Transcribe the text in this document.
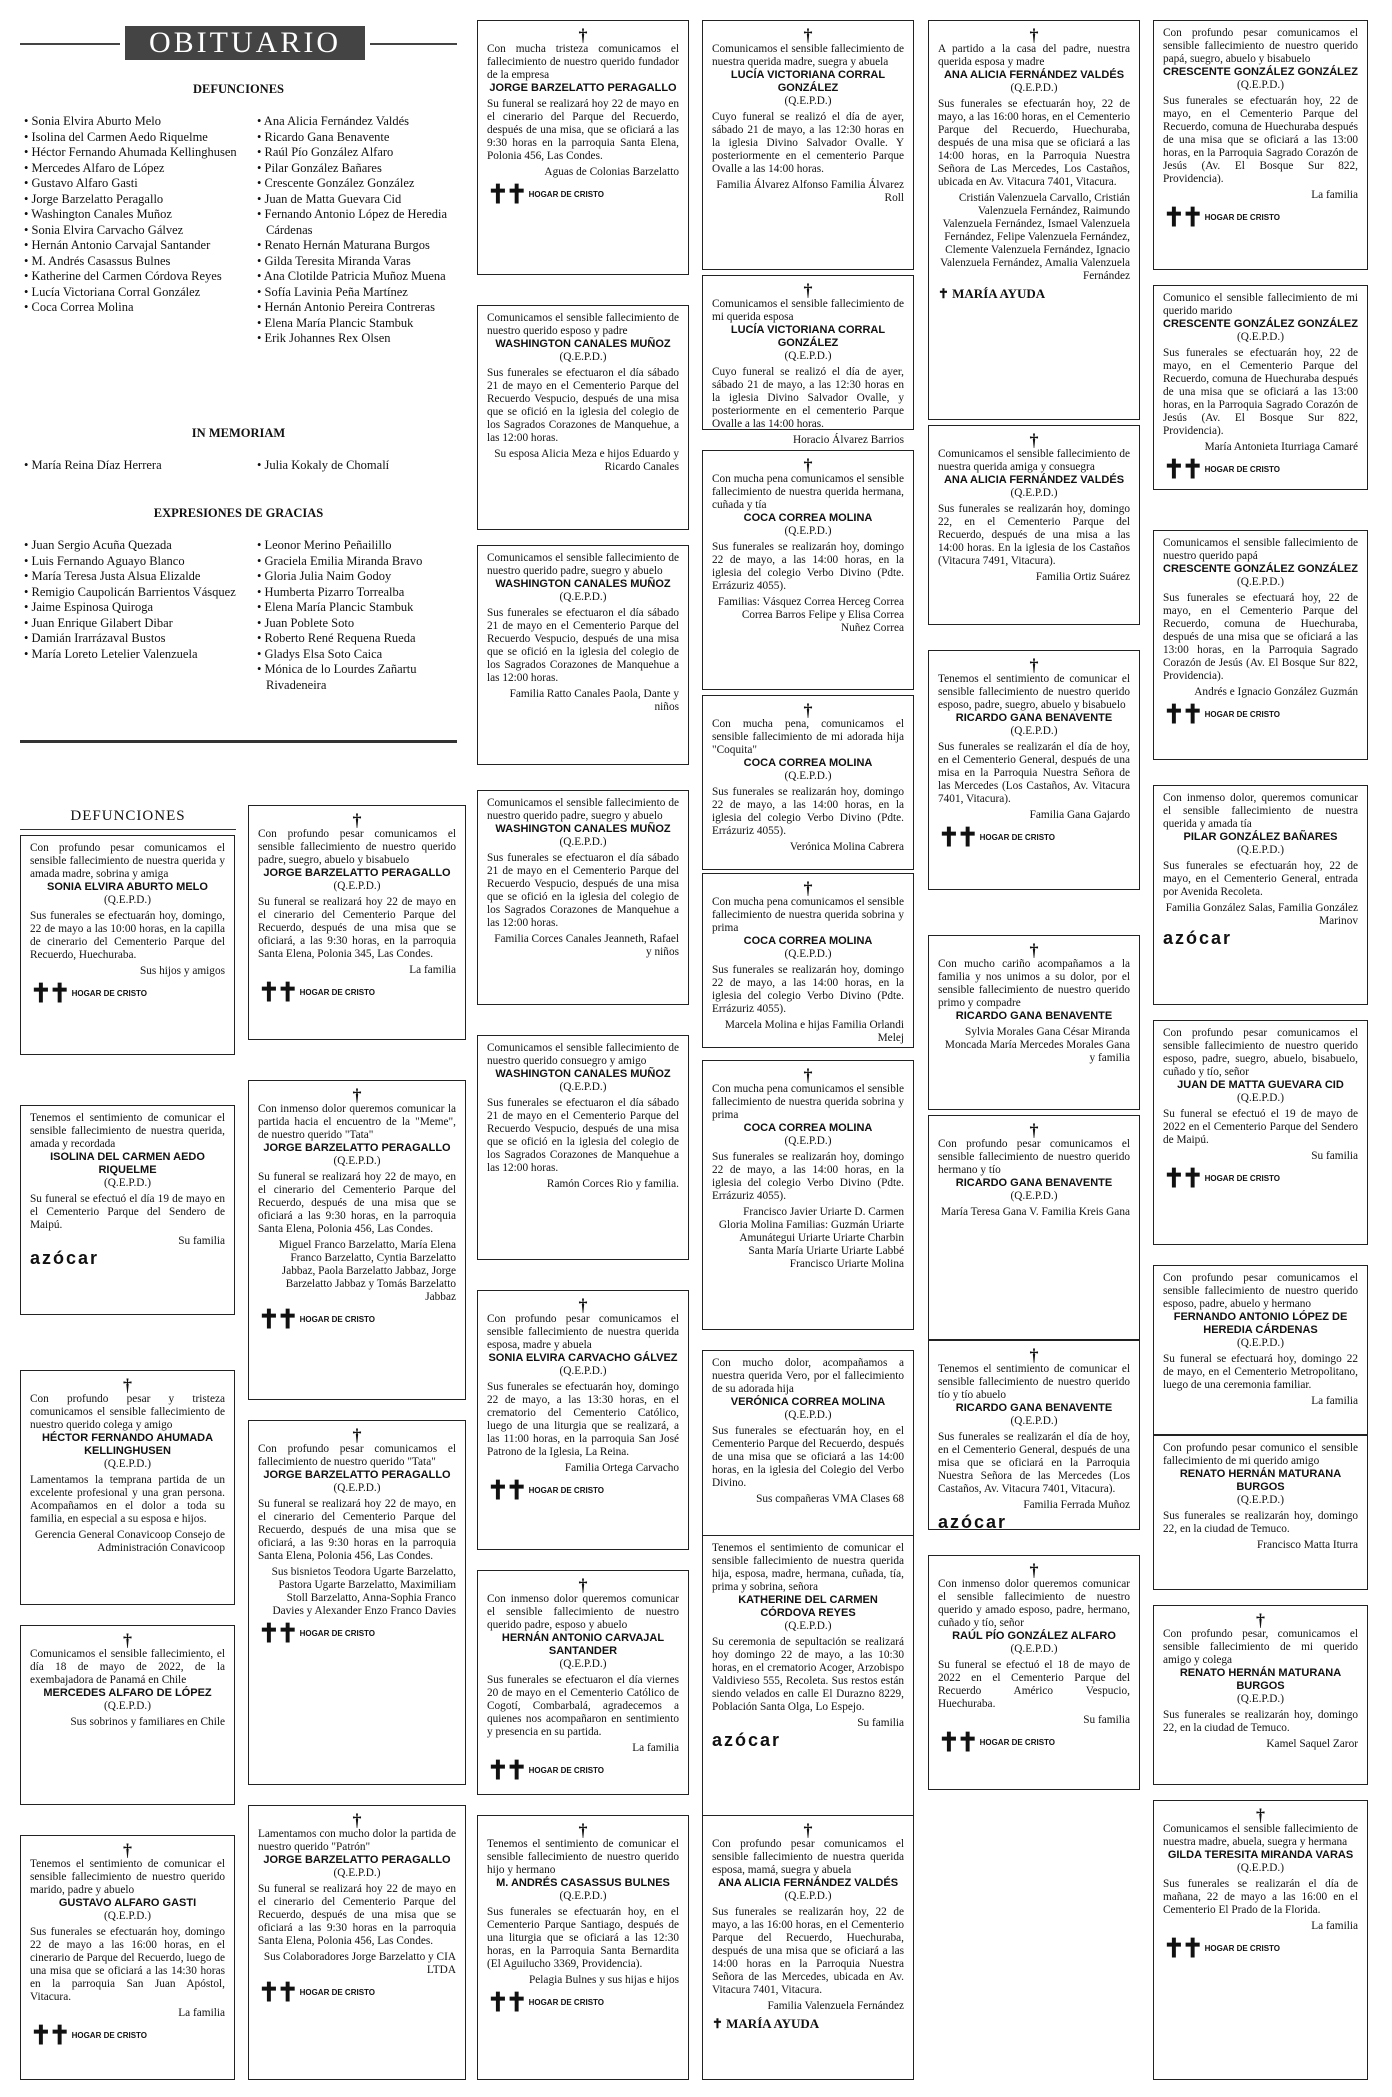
OBITUARIO
DEFUNCIONES
• Sonia Elvira Aburto Melo
• Isolina del Carmen Aedo Riquelme
• Héctor Fernando Ahumada Kellinghusen
• Mercedes Alfaro de López
• Gustavo Alfaro Gasti
• Jorge Barzelatto Peragallo
• Washington Canales Muñoz
• Sonia Elvira Carvacho Gálvez
• Hernán Antonio Carvajal Santander
• M. Andrés Casassus Bulnes
• Katherine del Carmen Córdova Reyes
• Lucía Victoriana Corral González
• Coca Correa Molina
• Ana Alicia Fernández Valdés
• Ricardo Gana Benavente
• Raúl Pío González Alfaro
• Pilar González Bañares
• Crescente González González
• Juan de Matta Guevara Cid
• Fernando Antonio López de Heredia Cárdenas
• Renato Hernán Maturana Burgos
• Gilda Teresita Miranda Varas
• Ana Clotilde Patricia Muñoz Muena
• Sofía Lavinia Peña Martínez
• Hernán Antonio Pereira Contreras
• Elena María Plancic Stambuk
• Erik Johannes Rex Olsen
IN MEMORIAM
• María Reina Díaz Herrera	• Julia Kokaly de Chomalí
EXPRESIONES DE GRACIAS
• Juan Sergio Acuña Quezada
• Luis Fernando Aguayo Blanco
• María Teresa Justa Alsua Elizalde
• Remigio Caupolicán Barrientos Vásquez
• Jaime Espinosa Quiroga
• Juan Enrique Gilabert Dibar
• Damián Irarrázaval Bustos
• María Loreto Letelier Valenzuela
• Leonor Merino Peñailillo
• Graciela Emilia Miranda Bravo
• Gloria Julia Naim Godoy
• Humberta Pizarro Torrealba
• Elena María Plancic Stambuk
• Juan Poblete Soto
• Roberto René Requena Rueda
• Gladys Elsa Soto Caica
• Mónica de lo Lourdes Zañartu Rivadeneira
DEFUNCIONES
Con profundo pesar comunicamos el sensible fallecimiento de nuestra querida y amada madre, sobrina y amiga
SONIA ELVIRA ABURTO MELO
(Q.E.P.D.)
Sus funerales se efectuarán hoy, domingo, 22 de mayo a las 10:00 horas, en la capilla de cinerario del Cementerio Parque del Recuerdo, Huechuraba.
Sus hijos y amigos
✝✝ HOGAR DE CRISTO
Tenemos el sentimiento de comunicar el sensible fallecimiento de nuestra querida, amada y recordada
ISOLINA DEL CARMEN AEDO RIQUELME
(Q.E.P.D.)
Su funeral se efectuó el día 19 de mayo en el Cementerio Parque del Sendero de Maipú.
Su familia
azócar
†
Con profundo pesar y tristeza comunicamos el sensible fallecimiento de nuestro querido colega y amigo
HÉCTOR FERNANDO AHUMADA KELLINGHUSEN
(Q.E.P.D.)
Lamentamos la temprana partida de un excelente profesional y una gran persona. Acompañamos en el dolor a toda su familia, en especial a su esposa e hijos.
Gerencia General Conavicoop Consejo de Administración Conavicoop
†
Comunicamos el sensible fallecimiento, el día 18 de mayo de 2022, de la exembajadora de Panamá en Chile
MERCEDES ALFARO DE LÓPEZ
(Q.E.P.D.)
Sus sobrinos y familiares en Chile
†
Tenemos el sentimiento de comunicar el sensible fallecimiento de nuestro querido marido, padre y abuelo
GUSTAVO ALFARO GASTI
(Q.E.P.D.)
Sus funerales se efectuarán hoy, domingo 22 de mayo a las 16:00 horas, en el cinerario de Parque del Recuerdo, luego de una misa que se oficiará a las 14:30 horas en la parroquia San Juan Apóstol, Vitacura.
La familia
✝✝ HOGAR DE CRISTO
†
Con profundo pesar comunicamos el sensible fallecimiento de nuestro querido padre, suegro, abuelo y bisabuelo
JORGE BARZELATTO PERAGALLO
(Q.E.P.D.)
Su funeral se realizará hoy 22 de mayo en el cinerario del Cementerio Parque del Recuerdo, después de una misa que se oficiará, a las 9:30 horas, en la parroquia Santa Elena, Polonia 345, Las Condes.
La familia
✝✝ HOGAR DE CRISTO
†
Con inmenso dolor queremos comunicar la partida hacia el encuentro de la "Meme", de nuestro querido "Tata"
JORGE BARZELATTO PERAGALLO
(Q.E.P.D.)
Su funeral se realizará hoy 22 de mayo, en el cinerario del Cementerio Parque del Recuerdo, después de una misa que se oficiará a las 9:30 horas, en la parroquia Santa Elena, Polonia 456, Las Condes.
Miguel Franco Barzelatto, María Elena Franco Barzelatto, Cyntia Barzelatto Jabbaz, Paola Barzelatto Jabbaz, Jorge Barzelatto Jabbaz y Tomás Barzelatto Jabbaz
✝✝ HOGAR DE CRISTO
†
Con profundo pesar comunicamos el fallecimiento de nuestro querido "Tata"
JORGE BARZELATTO PERAGALLO
(Q.E.P.D.)
Su funeral se realizará hoy 22 de mayo, en el cinerario del Cementerio Parque del Recuerdo, después de una misa que se oficiará, a las 9:30 horas en la parroquia Santa Elena, Polonia 456, Las Condes.
Sus bisnietos Teodora Ugarte Barzelatto, Pastora Ugarte Barzelatto, Maximiliam Stoll Barzelatto, Anna-Sophia Franco Davies y Alexander Enzo Franco Davies
✝✝ HOGAR DE CRISTO
†
Lamentamos con mucho dolor la partida de nuestro querido "Patrón"
JORGE BARZELATTO PERAGALLO
(Q.E.P.D.)
Su funeral se realizará hoy 22 de mayo en el cinerario del Cementerio Parque del Recuerdo, después de una misa que se oficiará a las 9:30 horas en la parroquia Santa Elena, Polonia 456, Las Condes.
Sus Colaboradores Jorge Barzelatto y CIA LTDA
✝✝ HOGAR DE CRISTO
†
Con mucha tristeza comunicamos el fallecimiento de nuestro querido fundador de la empresa
JORGE BARZELATTO PERAGALLO
Su funeral se realizará hoy 22 de mayo en el cinerario del Parque del Recuerdo, después de una misa, que se oficiará a las 9:30 horas en la parroquia Santa Elena, Polonia 456, Las Condes.
Aguas de Colonias Barzelatto
✝✝ HOGAR DE CRISTO
Comunicamos el sensible fallecimiento de nuestro querido esposo y padre
WASHINGTON CANALES MUÑOZ
(Q.E.P.D.)
Sus funerales se efectuaron el día sábado 21 de mayo en el Cementerio Parque del Recuerdo Vespucio, después de una misa que se ofició en la iglesia del colegio de los Sagrados Corazones de Manquehue, a las 12:00 horas.
Su esposa Alicia Meza e hijos Eduardo y Ricardo Canales
Comunicamos el sensible fallecimiento de nuestro querido padre, suegro y abuelo
WASHINGTON CANALES MUÑOZ
(Q.E.P.D.)
Sus funerales se efectuaron el día sábado 21 de mayo en el Cementerio Parque del Recuerdo Vespucio, después de una misa que se ofició en la iglesia del colegio de los Sagrados Corazones de Manquehue a las 12:00 horas.
Familia Ratto Canales Paola, Dante y niños
Comunicamos el sensible fallecimiento de nuestro querido padre, suegro y abuelo
WASHINGTON CANALES MUÑOZ
(Q.E.P.D.)
Sus funerales se efectuaron el día sábado 21 de mayo en el Cementerio Parque del Recuerdo Vespucio, después de una misa que se ofició en la iglesia del colegio de los Sagrados Corazones de Manquehue a las 12:00 horas.
Familia Corces Canales Jeanneth, Rafael y niños
Comunicamos el sensible fallecimiento de nuestro querido consuegro y amigo
WASHINGTON CANALES MUÑOZ
(Q.E.P.D.)
Sus funerales se efectuaron el día sábado 21 de mayo en el Cementerio Parque del Recuerdo Vespucio, después de una misa que se ofició en la iglesia del colegio de los Sagrados Corazones de Manquehue a las 12:00 horas.
Ramón Corces Rio y familia.
†
Con profundo pesar comunicamos el sensible fallecimiento de nuestra querida esposa, madre y abuela
SONIA ELVIRA CARVACHO GÁLVEZ
(Q.E.P.D.)
Sus funerales se efectuarán hoy, domingo 22 de mayo, a las 13:30 horas, en el crematorio del Cementerio Católico, luego de una liturgia que se realizará, a las 11:00 horas, en la parroquia San José Patrono de la Iglesia, La Reina.
Familia Ortega Carvacho
✝✝ HOGAR DE CRISTO
†
Con inmenso dolor queremos comunicar el sensible fallecimiento de nuestro querido padre, esposo y abuelo
HERNÁN ANTONIO CARVAJAL SANTANDER
(Q.E.P.D.)
Sus funerales se efectuaron el día viernes 20 de mayo en el Cementerio Católico de Cogotí, Combarbalá, agradecemos a quienes nos acompañaron en sentimiento y presencia en su partida.
La familia
✝✝ HOGAR DE CRISTO
†
Tenemos el sentimiento de comunicar el sensible fallecimiento de nuestro querido hijo y hermano
M. ANDRÉS CASASSUS BULNES
(Q.E.P.D.)
Sus funerales se efectuarán hoy, en el Cementerio Parque Santiago, después de una liturgia que se oficiará a las 12:30 horas, en la Parroquia Santa Bernardita (El Aguilucho 3369, Providencia).
Pelagia Bulnes y sus hijas e hijos
✝✝ HOGAR DE CRISTO
†
Comunicamos el sensible fallecimiento de nuestra querida madre, suegra y abuela
LUCÍA VICTORIANA CORRAL GONZÁLEZ
(Q.E.P.D.)
Cuyo funeral se realizó el día de ayer, sábado 21 de mayo, a las 12:30 horas en la iglesia Divino Salvador Ovalle. Y posteriormente en el cementerio Parque Ovalle a las 14:00 horas.
Familia Álvarez Alfonso Familia Álvarez Roll
†
Comunicamos el sensible fallecimiento de mi querida esposa
LUCÍA VICTORIANA CORRAL GONZÁLEZ
(Q.E.P.D.)
Cuyo funeral se realizó el día de ayer, sábado 21 de mayo, a las 12:30 horas en la iglesia Divino Salvador Ovalle, y posteriormente en el cementerio Parque Ovalle a las 14:00 horas.
Horacio Álvarez Barrios
†
Con mucha pena comunicamos el sensible fallecimiento de nuestra querida hermana, cuñada y tía
COCA CORREA MOLINA
(Q.E.P.D.)
Sus funerales se realizarán hoy, domingo 22 de mayo, a las 14:00 horas, en la iglesia del colegio Verbo Divino (Pdte. Errázuriz 4055).
Familias: Vásquez Correa Herceg Correa Correa Barros Felipe y Elisa Correa Nuñez Correa
†
Con mucha pena, comunicamos el sensible fallecimiento de mi adorada hija "Coquita"
COCA CORREA MOLINA
(Q.E.P.D.)
Sus funerales se realizarán hoy, domingo 22 de mayo, a las 14:00 horas, en la iglesia del colegio Verbo Divino (Pdte. Errázuriz 4055).
Verónica Molina Cabrera
†
Con mucha pena comunicamos el sensible fallecimiento de nuestra querida sobrina y prima
COCA CORREA MOLINA
(Q.E.P.D.)
Sus funerales se realizarán hoy, domingo 22 de mayo, a las 14:00 horas, en la iglesia del colegio Verbo Divino (Pdte. Errázuriz 4055).
Marcela Molina e hijas Familia Orlandi Melej
†
Con mucha pena comunicamos el sensible fallecimiento de nuestra querida sobrina y prima
COCA CORREA MOLINA
(Q.E.P.D.)
Sus funerales se realizarán hoy, domingo 22 de mayo, a las 14:00 horas, en la iglesia del colegio Verbo Divino (Pdte. Errázuriz 4055).
Francisco Javier Uriarte D. Carmen Gloria Molina Familias: Guzmán Uriarte Amunátegui Uriarte Uriarte Charbin Santa María Uriarte Uriarte Labbé Francisco Uriarte Molina
Con mucho dolor, acompañamos a nuestra querida Vero, por el fallecimiento de su adorada hija
VERÓNICA CORREA MOLINA
(Q.E.P.D.)
Sus funerales se efectuarán hoy, en el Cementerio Parque del Recuerdo, después de una misa que se oficiará a las 14:00 horas, en la iglesia del Colegio del Verbo Divino.
Sus compañeras VMA Clases 68
Tenemos el sentimiento de comunicar el sensible fallecimiento de nuestra querida hija, esposa, madre, hermana, cuñada, tía, prima y sobrina, señora
KATHERINE DEL CARMEN CÓRDOVA REYES
(Q.E.P.D.)
Su ceremonia de sepultación se realizará hoy domingo 22 de mayo, a las 10:30 horas, en el crematorio Acoger, Arzobispo Valdivieso 555, Recoleta. Sus restos están siendo velados en calle El Durazno 8229, Población Santa Olga, Lo Espejo.
Su familia
azócar
†
Con profundo pesar comunicamos el sensible fallecimiento de nuestra querida esposa, mamá, suegra y abuela
ANA ALICIA FERNÁNDEZ VALDÉS
(Q.E.P.D.)
Sus funerales se realizarán hoy, 22 de mayo, a las 16:00 horas, en el Cementerio Parque del Recuerdo, Huechuraba, después de una misa que se oficiará a las 14:00 horas en la Parroquia Nuestra Señora de las Mercedes, ubicada en Av. Vitacura 7401, Vitacura.
Familia Valenzuela Fernández
✝ MARÍA AYUDA
†
A partido a la casa del padre, nuestra querida esposa y madre
ANA ALICIA FERNÁNDEZ VALDÉS
(Q.E.P.D.)
Sus funerales se efectuarán hoy, 22 de mayo, a las 16:00 horas, en el Cementerio Parque del Recuerdo, Huechuraba, después de una misa que se oficiará a las 14:00 horas, en la Parroquia Nuestra Señora de Las Mercedes, Los Castaños, ubicada en Av. Vitacura 7401, Vitacura.
Cristián Valenzuela Carvallo, Cristián Valenzuela Fernández, Raimundo Valenzuela Fernández, Ismael Valenzuela Fernández, Felipe Valenzuela Fernández, Clemente Valenzuela Fernández, Ignacio Valenzuela Fernández, Amalia Valenzuela Fernández
✝ MARÍA AYUDA
†
Comunicamos el sensible fallecimiento de nuestra querida amiga y consuegra
ANA ALICIA FERNÁNDEZ VALDÉS
(Q.E.P.D.)
Sus funerales se realizarán hoy, domingo 22, en el Cementerio Parque del Recuerdo, después de una misa a las 14:00 horas. En la iglesia de los Castaños (Vitacura 7491, Vitacura).
Familia Ortiz Suárez
†
Tenemos el sentimiento de comunicar el sensible fallecimiento de nuestro querido esposo, padre, suegro, abuelo y bisabuelo
RICARDO GANA BENAVENTE
(Q.E.P.D.)
Sus funerales se realizarán el día de hoy, en el Cementerio General, después de una misa en la Parroquia Nuestra Señora de las Mercedes (Los Castaños, Av. Vitacura 7401, Vitacura).
Familia Gana Gajardo
✝✝ HOGAR DE CRISTO
†
Con mucho cariño acompañamos a la familia y nos unimos a su dolor, por el sensible fallecimiento de nuestro querido primo y compadre
RICARDO GANA BENAVENTE
Sylvia Morales Gana César Miranda Moncada María Mercedes Morales Gana y familia
†
Con profundo pesar comunicamos el sensible fallecimiento de nuestro querido hermano y tío
RICARDO GANA BENAVENTE
(Q.E.P.D.)
María Teresa Gana V. Familia Kreis Gana
†
Tenemos el sentimiento de comunicar el sensible fallecimiento de nuestro querido tío y tío abuelo
RICARDO GANA BENAVENTE
(Q.E.P.D.)
Sus funerales se realizarán el día de hoy, en el Cementerio General, después de una misa que se oficiará en la Parroquia Nuestra Señora de las Mercedes (Los Castaños, Av. Vitacura 7401, Vitacura).
Familia Ferrada Muñoz
azócar
†
Con inmenso dolor queremos comunicar el sensible fallecimiento de nuestro querido y amado esposo, padre, hermano, cuñado y tío, señor
RAÚL PÍO GONZÁLEZ ALFARO
(Q.E.P.D.)
Su funeral se efectuó el 18 de mayo de 2022 en el Cementerio Parque del Recuerdo Américo Vespucio, Huechuraba.
Su familia
✝✝ HOGAR DE CRISTO
Con profundo pesar comunicamos el sensible fallecimiento de nuestro querido papá, suegro, abuelo y bisabuelo
CRESCENTE GONZÁLEZ GONZÁLEZ
(Q.E.P.D.)
Sus funerales se efectuarán hoy, 22 de mayo, en el Cementerio Parque del Recuerdo, comuna de Huechuraba después de una misa que se oficiará a las 13:00 horas, en la Parroquia Sagrado Corazón de Jesús (Av. El Bosque Sur 822, Providencia).
La familia
✝✝ HOGAR DE CRISTO
Comunico el sensible fallecimiento de mi querido marido
CRESCENTE GONZÁLEZ GONZÁLEZ
(Q.E.P.D.)
Sus funerales se efectuarán hoy, 22 de mayo, en el Cementerio Parque del Recuerdo, comuna de Huechuraba después de una misa que se oficiará a las 13:00 horas, en la Parroquia Sagrado Corazón de Jesús (Av. El Bosque Sur 822, Providencia).
María Antonieta Iturriaga Camaré
✝✝ HOGAR DE CRISTO
Comunicamos el sensible fallecimiento de nuestro querido papá
CRESCENTE GONZÁLEZ GONZÁLEZ
(Q.E.P.D.)
Sus funerales se efectuará hoy, 22 de mayo, en el Cementerio Parque del Recuerdo, comuna de Huechuraba, después de una misa que se oficiará a las 13:00 horas, en la Parroquia Sagrado Corazón de Jesús (Av. El Bosque Sur 822, Providencia).
Andrés e Ignacio González Guzmán
✝✝ HOGAR DE CRISTO
Con inmenso dolor, queremos comunicar el sensible fallecimiento de nuestra querida y amada tía
PILAR GONZÁLEZ BAÑARES
(Q.E.P.D.)
Sus funerales se efectuarán hoy, 22 de mayo, en el Cementerio General, entrada por Avenida Recoleta.
Familia González Salas, Familia González Marinov
azócar
Con profundo pesar comunicamos el sensible fallecimiento de nuestro querido esposo, padre, suegro, abuelo, bisabuelo, cuñado y tío, señor
JUAN DE MATTA GUEVARA CID
(Q.E.P.D.)
Su funeral se efectuó el 19 de mayo de 2022 en el Cementerio Parque del Sendero de Maipú.
Su familia
✝✝ HOGAR DE CRISTO
Con profundo pesar comunicamos el sensible fallecimiento de nuestro querido esposo, padre, abuelo y hermano
FERNANDO ANTONIO LÓPEZ DE HEREDIA CÁRDENAS
(Q.E.P.D.)
Su funeral se efectuará hoy, domingo 22 de mayo, en el Cementerio Metropolitano, luego de una ceremonia familiar.
La familia
Con profundo pesar comunico el sensible fallecimiento de mi querido amigo
RENATO HERNÁN MATURANA BURGOS
(Q.E.P.D.)
Sus funerales se realizarán hoy, domingo 22, en la ciudad de Temuco.
Francisco Matta Iturra
†
Con profundo pesar, comunicamos el sensible fallecimiento de mi querido amigo y colega
RENATO HERNÁN MATURANA BURGOS
(Q.E.P.D.)
Sus funerales se realizarán hoy, domingo 22, en la ciudad de Temuco.
Kamel Saquel Zaror
†
Comunicamos el sensible fallecimiento de nuestra madre, abuela, suegra y hermana
GILDA TERESITA MIRANDA VARAS
(Q.E.P.D.)
Sus funerales se realizarán el día de mañana, 22 de mayo a las 16:00 en el Cementerio El Prado de la Florida.
La familia
✝✝ HOGAR DE CRISTO
